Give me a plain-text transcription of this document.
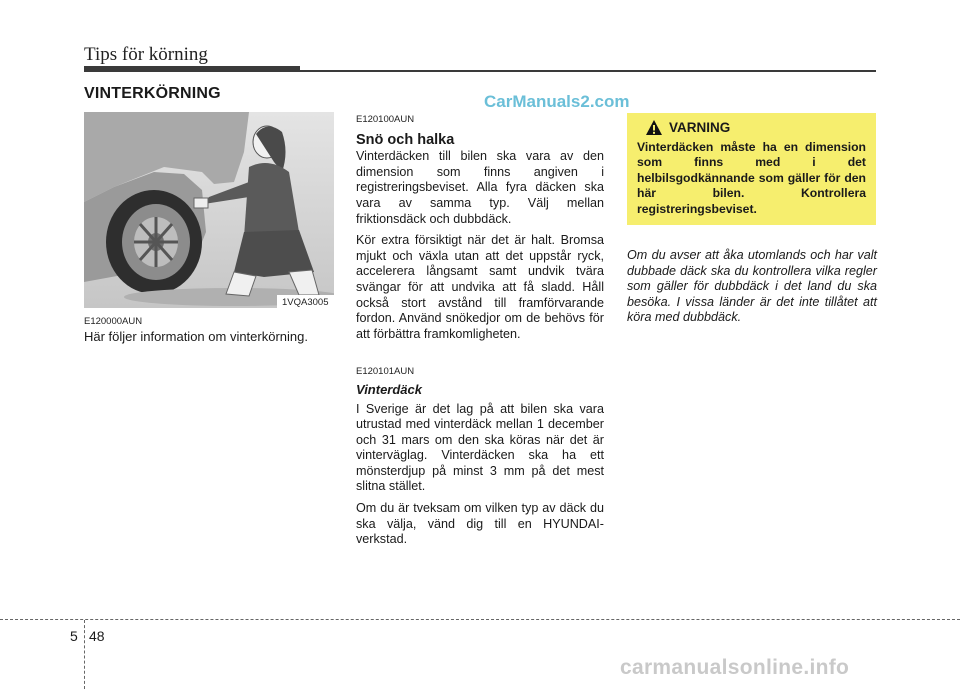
Tips för körning
VINTERKÖRNING	CarManuals2.com
1VQA3005
E120000AUN
Här följer information om vinterkörning.
E120100AUN
Snö och halka

Vinterdäcken till bilen ska vara av den dimension som finns angiven i registreringsbeviset. Alla fyra däcken ska vara av samma typ. Välj mellan friktionsdäck och dubbdäck.

Kör extra försiktigt när det är halt. Bromsa mjukt och växla utan att det uppstår ryck, accelerera långsamt samt undvik tvära svängar för att undvika att få sladd. Håll också stort avstånd till framförvarande fordon. Använd snökedjor om de behövs för att förbättra framkomligheten.

E120101AUN
Vinterdäck

I Sverige är det lag på att bilen ska vara utrustad med vinterdäck mellan 1 december och 31 mars om den ska köras när det är vinterväglag. Vinterdäcken ska ha ett mönsterdjup på minst 3 mm på det mest slitna stället.

Om du är tveksam om vilken typ av däck du ska välja, vänd dig till en HYUNDAI-verkstad.

VARNING
Vinterdäcken måste ha en dimension som finns med i det helbilsgodkännande som gäller för den här bilen. Kontrollera registreringsbeviset.
Om du avser att åka utomlands och har valt dubbade däck ska du kontrollera vilka regler som gäller för dubbdäck i det land du ska besöka. I vissa länder är det inte tillåtet att köra med dubbdäck.
5 48
carmanualsonline.info
